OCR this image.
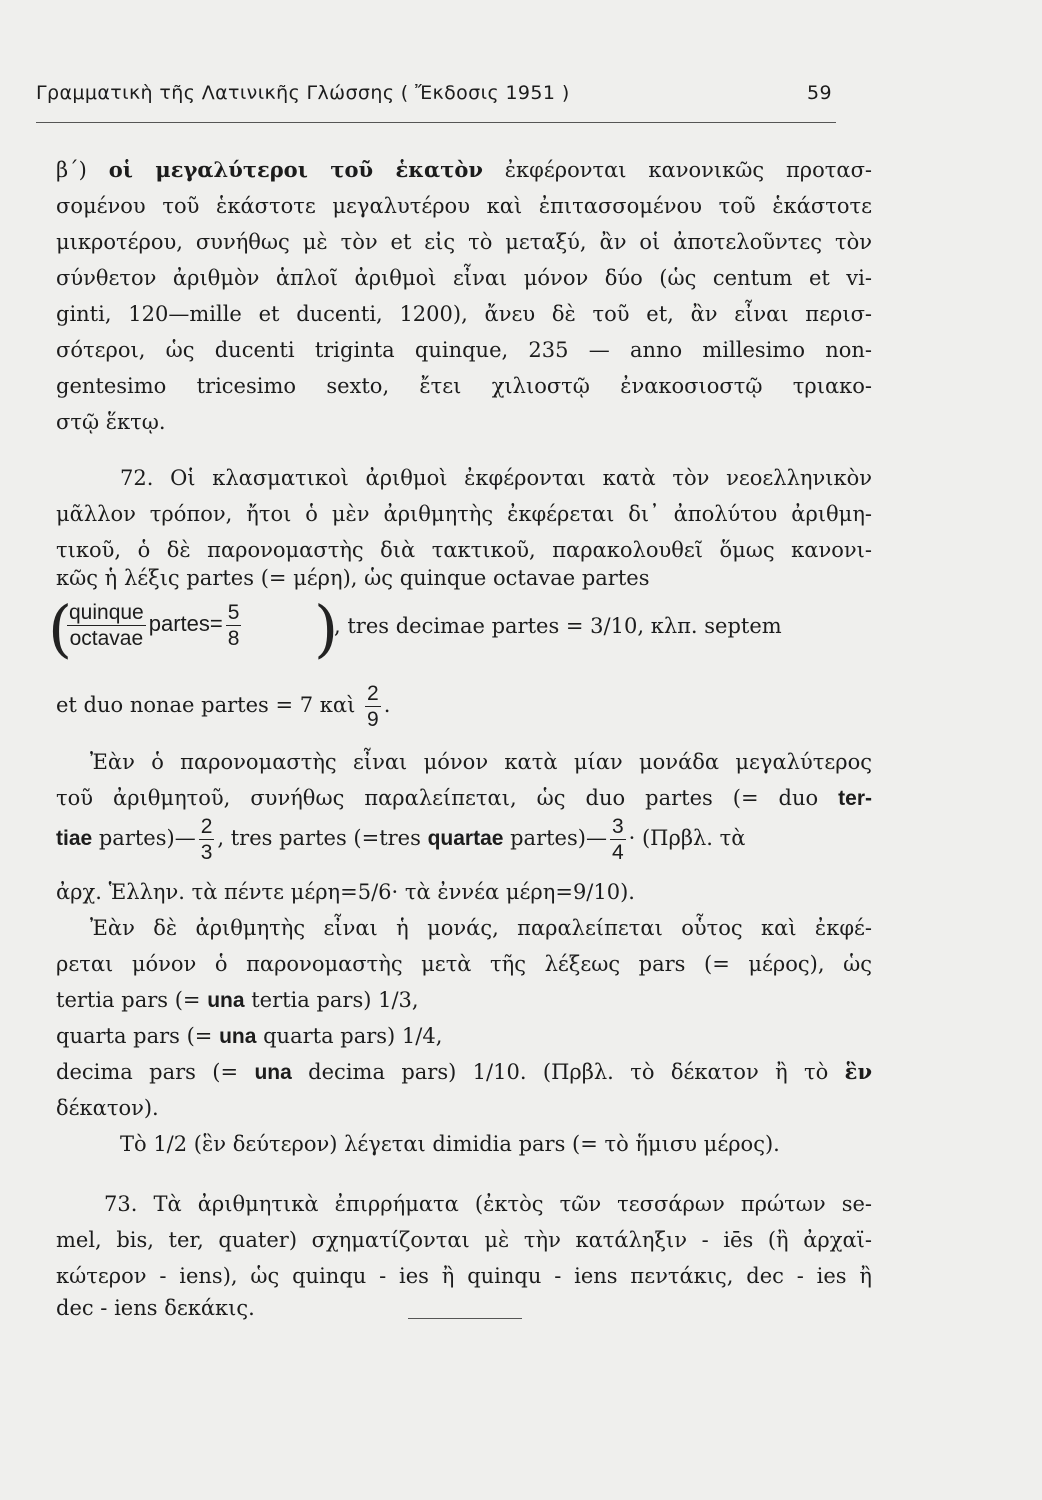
Γραμματικὴ τῆς Λατινικῆς Γλώσσης ( Ἔκδοσις 1951 )	59
β΄) οἱ μεγαλύτεροι τοῦ ἑκατὸν ἐκφέρονται κανονικῶς προτασ-
σομένου τοῦ ἑκάστοτε μεγαλυτέρου καὶ ἐπιτασσομένου τοῦ ἑκάστοτε
μικροτέρου, συνήθως μὲ τὸν et εἰς τὸ μεταξύ, ἂν οἱ ἀποτελοῦντες τὸν
σύνθετον ἀριθμὸν ἁπλοῖ ἀριθμοὶ εἶναι μόνον δύο (ὡς centum et vi-
ginti, 120—mille et ducenti, 1200), ἄνευ δὲ τοῦ et, ἂν εἶναι περισ-
σότεροι, ὡς ducenti triginta quinque, 235 — anno millesimo non-
gentesimo tricesimo sexto, ἔτει χιλιοστῷ ἐνακοσιοστῷ τριακο-
στῷ ἕκτῳ.
72. Οἱ κλασματικοὶ ἀριθμοὶ ἐκφέρονται κατὰ τὸν νεοελληνικὸν
μᾶλλον τρόπον, ἤτοι ὁ μὲν ἀριθμητὴς ἐκφέρεται δι᾽ ἀπολύτου ἀριθμη-
τικοῦ, ὁ δὲ παρονομαστὴς διὰ τακτικοῦ, παρακολουθεῖ ὅμως κανονι-
κῶς ἡ λέξις partes (= μέρη), ὡς quinque octavae partes
(
$\frac{\text{quinque}}{\text{octavae}}$ partes= $\frac{5}{8}$ )
, tres decimae partes = 3/10, κλπ. septem
et duo nonae partes = 7 καὶ $\frac{2}{9}$ .
Ἐὰν ὁ παρονομαστὴς εἶναι μόνον κατὰ μίαν μονάδα μεγαλύτερος
τοῦ ἀριθμητοῦ, συνήθως παραλείπεται, ὡς duo partes (= duo ter-
tiae partes)— $\frac{2}{3}$ , tres partes (=tres quartae partes)— $\frac{3}{4} \cdot (\Pi\rho\beta\lambda$. τὰ
ἀρχ. Ἑλλην. τὰ πέντε μέρη=5/6· τὰ ἐννέα μέρη=9/10).
Ἐὰν δὲ ἀριθμητὴς εἶναι ἡ μονάς, παραλείπεται οὗτος καὶ ἐκφέ-
ρεται μόνον ὁ παρονομαστὴς μετὰ τῆς λέξεως pars (= μέρος), ὡς
tertia pars (= una tertia pars) 1/3,
quarta pars (= una quarta pars) 1/4,
decima pars (= una decima pars) 1/10. (Πρβλ. τὸ δέκατον ἢ τὸ ἓν
δέκατον).
Τὸ 1/2 (ἓν δεύτερον) λέγεται dimidia pars (= τὸ ἥμισυ μέρος).
73. Τὰ ἀριθμητικὰ ἐπιρρήματα (ἐκτὸς τῶν τεσσάρων πρώτων se-
mel, bis, ter, quater) σχηματίζονται μὲ τὴν κατάληξιν - iēs (ἢ ἀρχαϊ-
κώτερον - iens), ὡς quinqu - ies ἢ quinqu - iens πεντάκις, dec - ies ἢ
dec - iens δεκάκις.
